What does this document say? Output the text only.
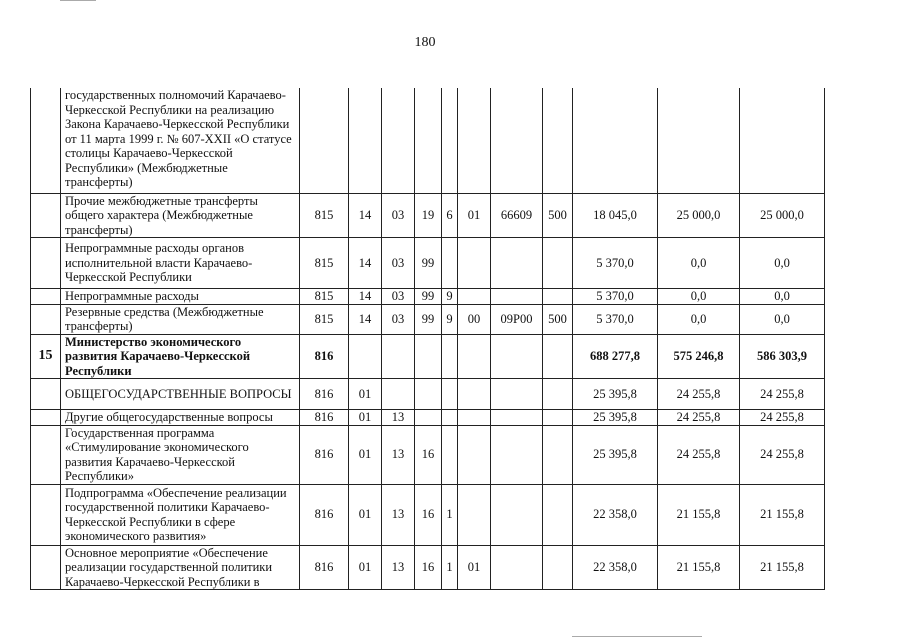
180
	государственных полномочий Карачаево-Черкесской Республики на реализацию Закона Карачаево-Черкесской Республики от 11 марта 1999 г. № 607-XXII «О статусе столицы Карачаево-Черкесской Республики» (Межбюджетные трансферты)											
	Прочие межбюджетные трансферты общего характера (Межбюджетные трансферты)	815	14	03	19	6	01	66609	500	18 045,0	25 000,0	25 000,0
	Непрограммные расходы органов исполнительной власти Карачаево-Черкесской Республики	815	14	03	99					5 370,0	0,0	0,0
	Непрограммные расходы	815	14	03	99	9				5 370,0	0,0	0,0
	Резервные средства (Межбюджетные трансферты)	815	14	03	99	9	00	09Р00	500	5 370,0	0,0	0,0
15	Министерство экономического развития Карачаево-Черкесской Республики	816								688 277,8	575 246,8	586 303,9
	ОБЩЕГОСУДАРСТВЕННЫЕ ВОПРОСЫ	816	01							25 395,8	24 255,8	24 255,8
	Другие общегосударственные вопросы	816	01	13						25 395,8	24 255,8	24 255,8
	Государственная программа «Стимулирование экономического развития Карачаево-Черкесской Республики»	816	01	13	16					25 395,8	24 255,8	24 255,8
	Подпрограмма «Обеспечение реализации государственной политики Карачаево-Черкесской Республики в сфере экономического развития»	816	01	13	16	1				22 358,0	21 155,8	21 155,8
	Основное мероприятие «Обеспечение реализации государственной политики Карачаево-Черкесской Республики в	816	01	13	16	1	01			22 358,0	21 155,8	21 155,8
